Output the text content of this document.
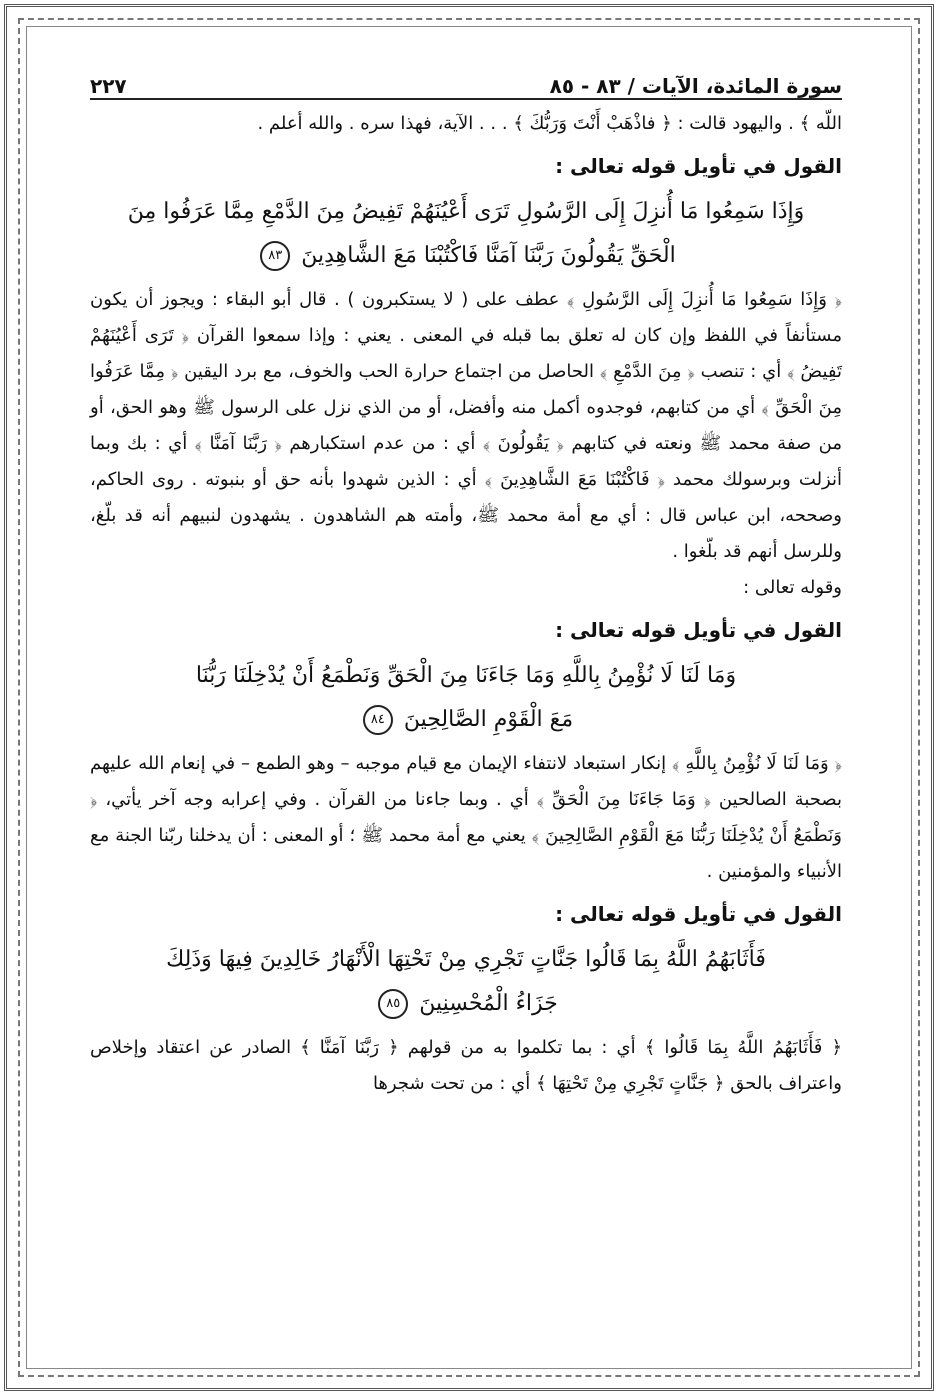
سورة المائدة، الآيات / ٨٣ - ٨٥
٢٢٧

اللّه ﴾ . واليهود قالت : ﴿ فاذْهَبْ أَنْتَ وَرَبُّكَ ﴾ . . . الآية، فهذا سره . والله أعلم .

القول في تأويل قوله تعالى :
وَإِذَا سَمِعُوا مَا أُنزِلَ إِلَى الرَّسُولِ تَرَى أَعْيُنَهُمْ تَفِيضُ مِنَ الدَّمْعِ مِمَّا عَرَفُوا مِنَ
الْحَقِّ يَقُولُونَ رَبَّنَا آمَنَّا فَاكْتُبْنَا مَعَ الشَّاهِدِينَ ٨٣

﴿ وَإِذَا سَمِعُوا مَا أُنزِلَ إِلَى الرَّسُولِ ﴾ عطف على ( لا يستكبرون ) . قال أبو البقاء : ويجوز أن يكون مستأنفاً في اللفظ وإن كان له تعلق بما قبله في المعنى . يعني : وإذا سمعوا القرآن ﴿ تَرَى أَعْيُنَهُمْ تَفِيضُ ﴾ أي : تنصب ﴿ مِنَ الدَّمْعِ ﴾ الحاصل من اجتماع حرارة الحب والخوف، مع برد اليقين ﴿ مِمَّا عَرَفُوا مِنَ الْحَقِّ ﴾ أي من كتابهم، فوجدوه أكمل منه وأفضل، أو من الذي نزل على الرسول ﷺ وهو الحق، أو من صفة محمد ﷺ ونعته في كتابهم ﴿ يَقُولُونَ ﴾ أي : من عدم استكبارهم ﴿ رَبَّنَا آمَنَّا ﴾ أي : بك وبما أنزلت وبرسولك محمد ﴿ فَاكْتُبْنَا مَعَ الشَّاهِدِينَ ﴾ أي : الذين شهدوا بأنه حق أو بنبوته . روى الحاكم، وصححه، ابن عباس قال : أي مع أمة محمد ﷺ، وأمته هم الشاهدون . يشهدون لنبيهم أنه قد بلّغ، وللرسل أنهم قد بلّغوا .

وقوله تعالى :

القول في تأويل قوله تعالى :
وَمَا لَنَا لَا نُؤْمِنُ بِاللَّهِ وَمَا جَاءَنَا مِنَ الْحَقِّ وَنَطْمَعُ أَنْ يُدْخِلَنَا رَبُّنَا
مَعَ الْقَوْمِ الصَّالِحِينَ ٨٤

﴿ وَمَا لَنَا لَا نُؤْمِنُ بِاللَّهِ ﴾ إنكار استبعاد لانتفاء الإيمان مع قيام موجبه – وهو الطمع – في إنعام الله عليهم بصحبة الصالحين ﴿ وَمَا جَاءَنَا مِنَ الْحَقِّ ﴾ أي . وبما جاءنا من القرآن . وفي إعرابه وجه آخر يأتي، ﴿ وَنَطْمَعُ أَنْ يُدْخِلَنَا رَبُّنَا مَعَ الْقَوْمِ الصَّالِحِينَ ﴾ يعني مع أمة محمد ﷺ ؛ أو المعنى : أن يدخلنا ربّنا الجنة مع الأنبياء والمؤمنين .

القول في تأويل قوله تعالى :
فَأَثَابَهُمُ اللَّهُ بِمَا قَالُوا جَنَّاتٍ تَجْرِي مِنْ تَحْتِهَا الْأَنْهَارُ خَالِدِينَ فِيهَا وَذَلِكَ
جَزَاءُ الْمُحْسِنِينَ ٨٥

﴿ فَأَثَابَهُمُ اللَّهُ بِمَا قَالُوا ﴾ أي : بما تكلموا به من قولهم ﴿ رَبَّنَا آمَنَّا ﴾ الصادر عن اعتقاد وإخلاص واعتراف بالحق ﴿ جَنَّاتٍ تَجْرِي مِنْ تَحْتِهَا ﴾ أي : من تحت شجرها
